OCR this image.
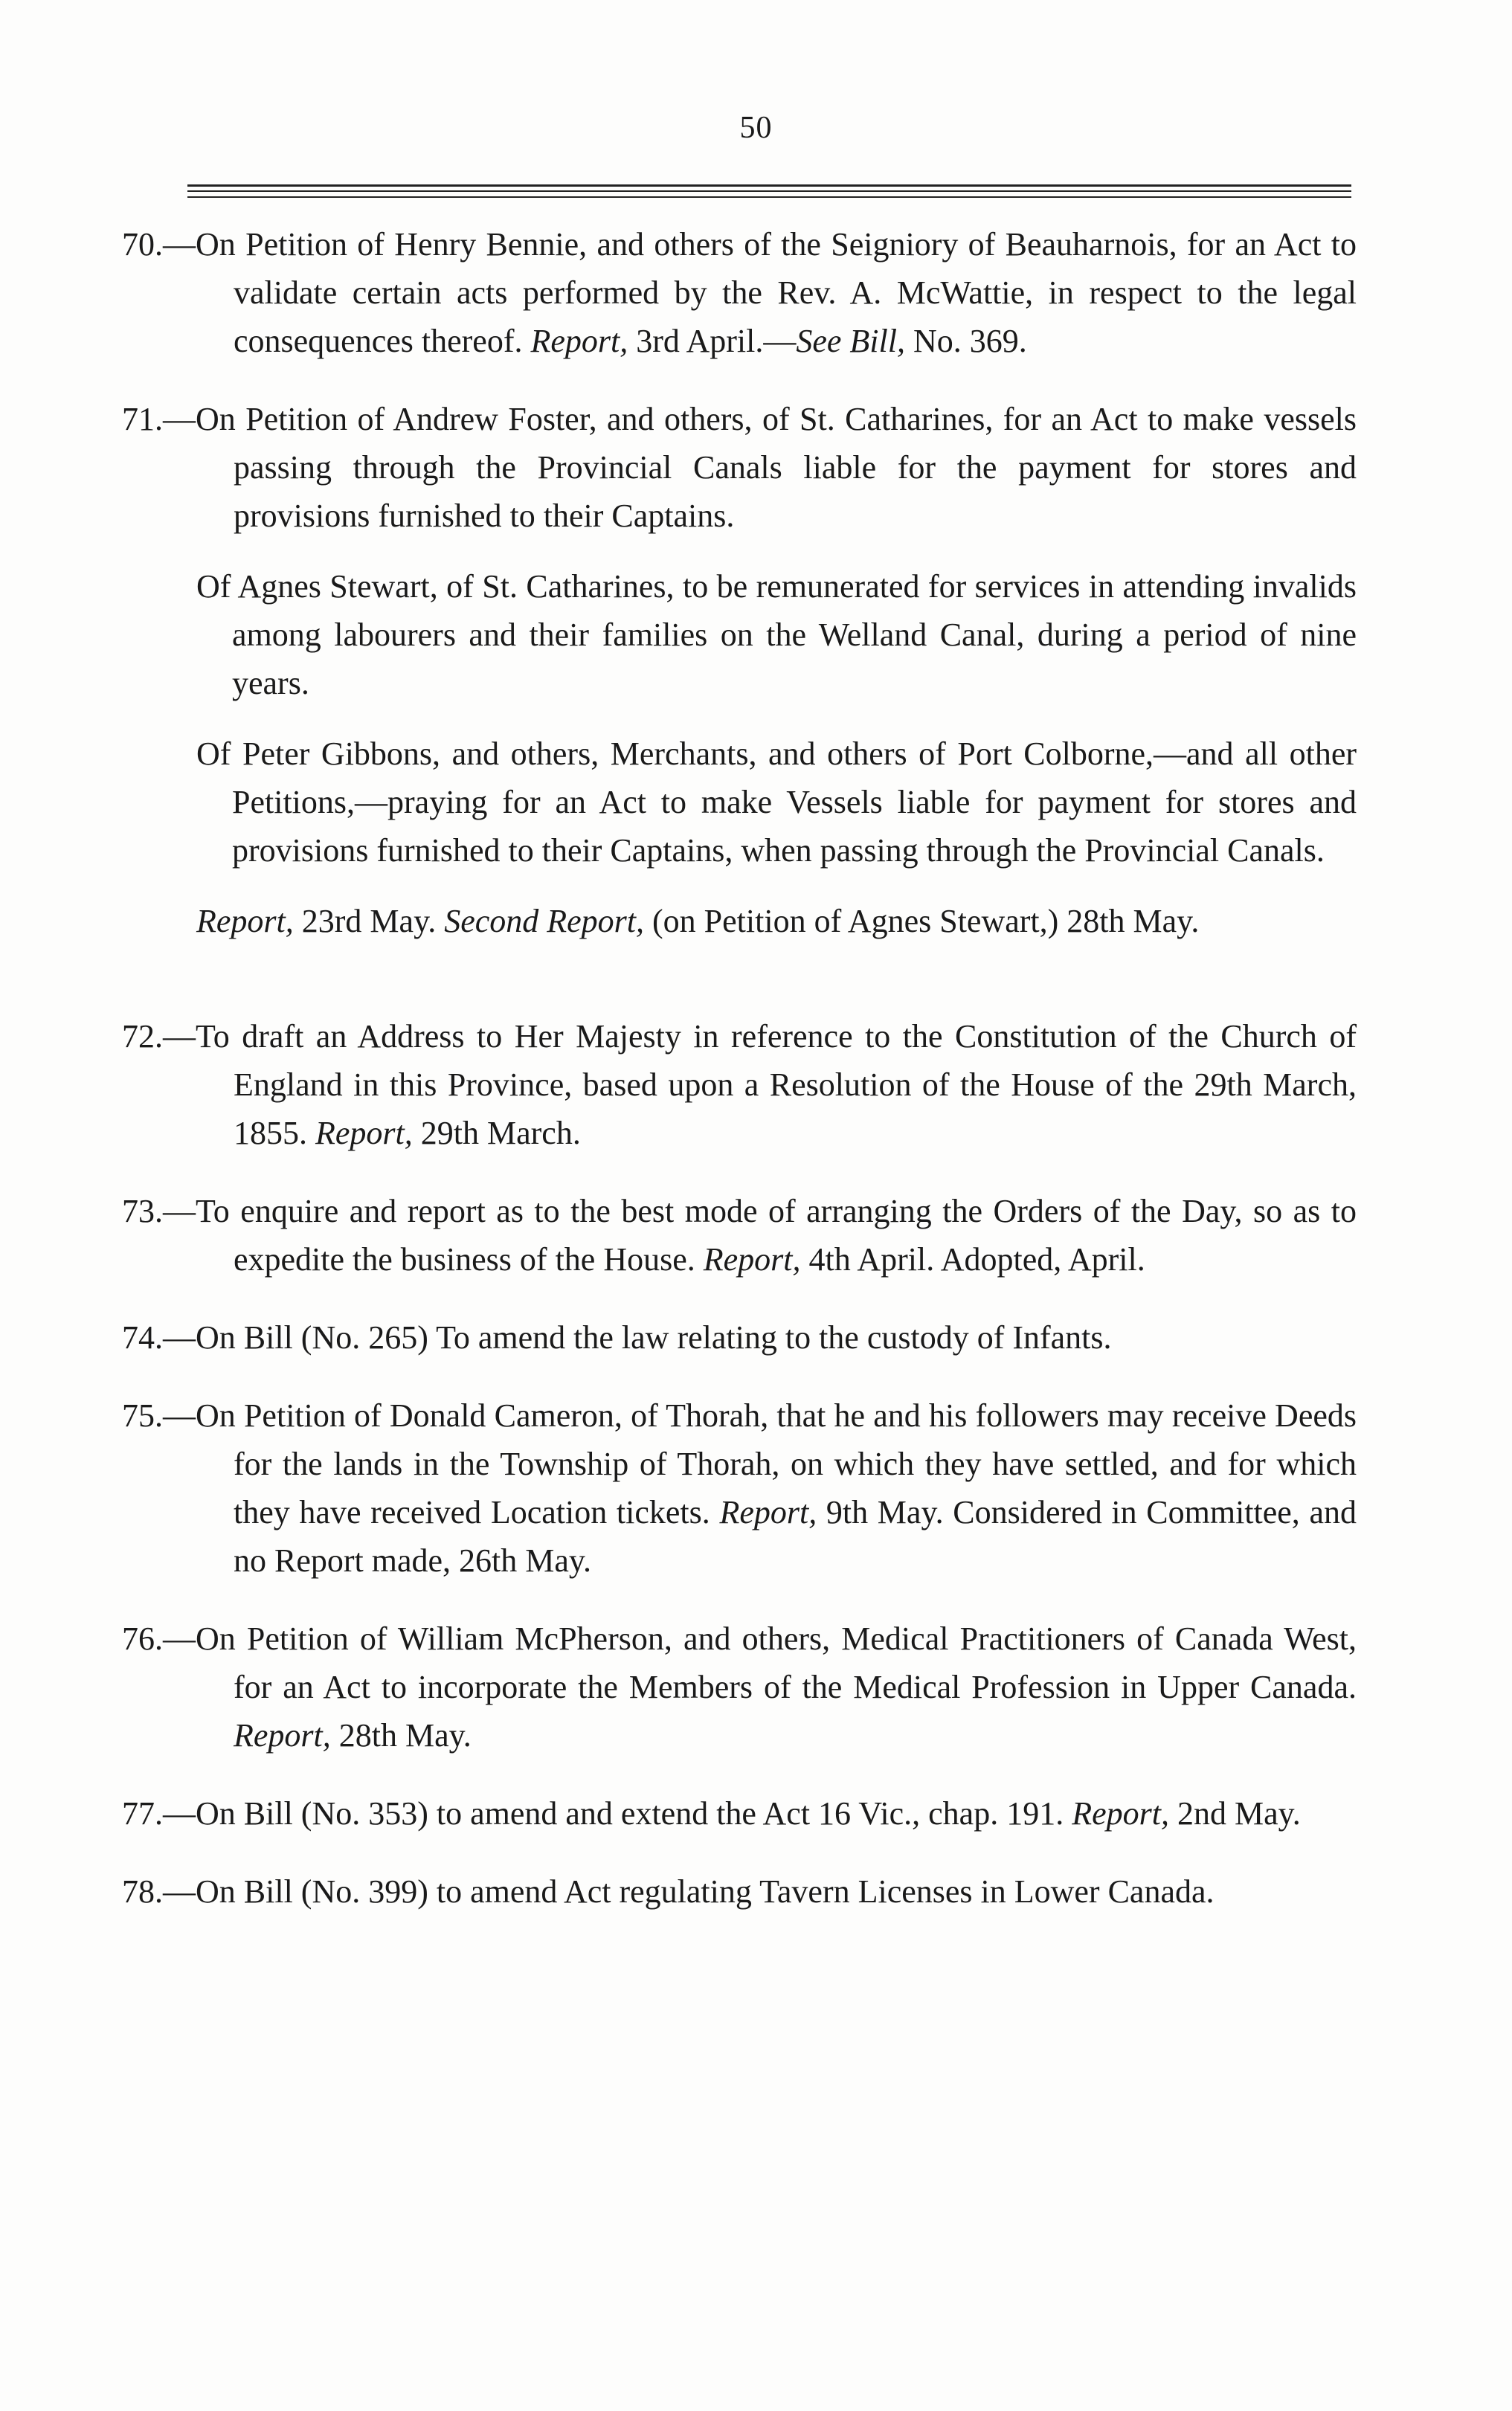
50

70.—On Petition of Henry Bennie, and others of the Seigniory of Beauharnois, for an Act to validate certain acts performed by the Rev. A. McWattie, in respect to the legal consequences thereof. Report, 3rd April.—See Bill, No. 369.

71.—On Petition of Andrew Foster, and others, of St. Catharines, for an Act to make vessels passing through the Provincial Canals liable for the payment for stores and provisions furnished to their Captains.

Of Agnes Stewart, of St. Catharines, to be remunerated for services in attending invalids among labourers and their families on the Welland Canal, during a period of nine years.

Of Peter Gibbons, and others, Merchants, and others of Port Colborne,—and all other Petitions,—praying for an Act to make Vessels liable for payment for stores and provisions furnished to their Captains, when passing through the Provincial Canals.

Report, 23rd May. Second Report, (on Petition of Agnes Stewart,) 28th May.

72.—To draft an Address to Her Majesty in reference to the Constitution of the Church of England in this Province, based upon a Resolution of the House of the 29th March, 1855. Report, 29th March.

73.—To enquire and report as to the best mode of arranging the Orders of the Day, so as to expedite the business of the House. Report, 4th April. Adopted, April.

74.—On Bill (No. 265) To amend the law relating to the custody of Infants.

75.—On Petition of Donald Cameron, of Thorah, that he and his followers may receive Deeds for the lands in the Township of Thorah, on which they have settled, and for which they have received Location tickets. Report, 9th May. Considered in Committee, and no Report made, 26th May.

76.—On Petition of William McPherson, and others, Medical Practitioners of Canada West, for an Act to incorporate the Members of the Medical Profession in Upper Canada. Report, 28th May.

77.—On Bill (No. 353) to amend and extend the Act 16 Vic., chap. 191. Report, 2nd May.

78.—On Bill (No. 399) to amend Act regulating Tavern Licenses in Lower Canada.
